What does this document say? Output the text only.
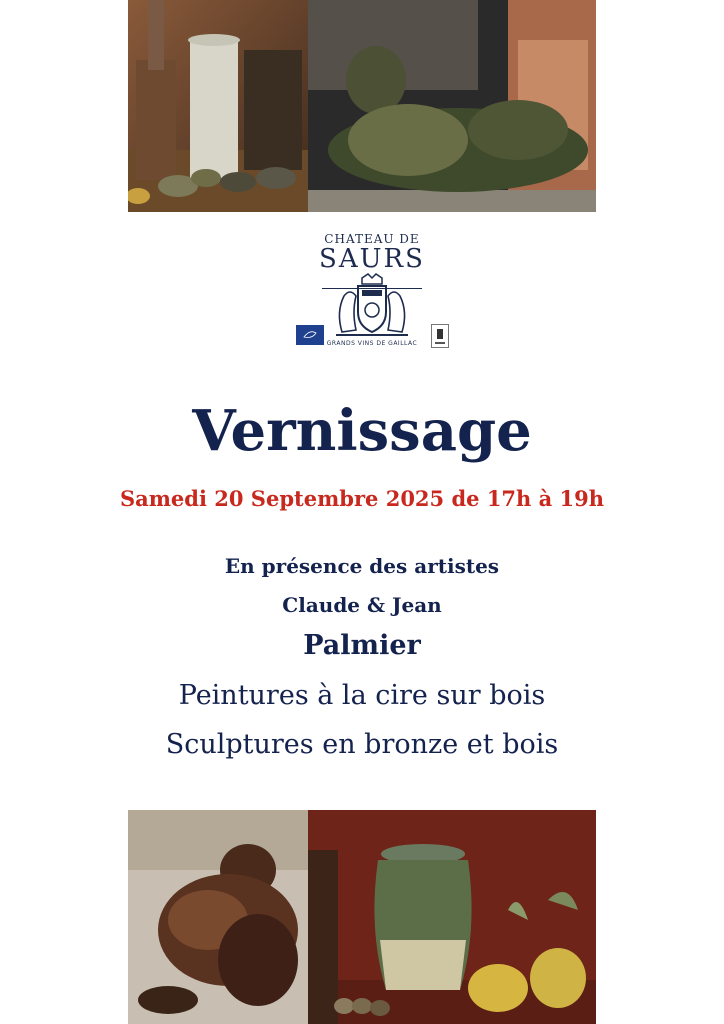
CHATEAU DE
SAURS
GRANDS VINS DE GAILLAC
Vernissage
Samedi 20 Septembre 2025 de 17h à 19h
En présence des artistes
Claude & Jean
Palmier
Peintures à la cire sur bois
Sculptures en bronze et bois
